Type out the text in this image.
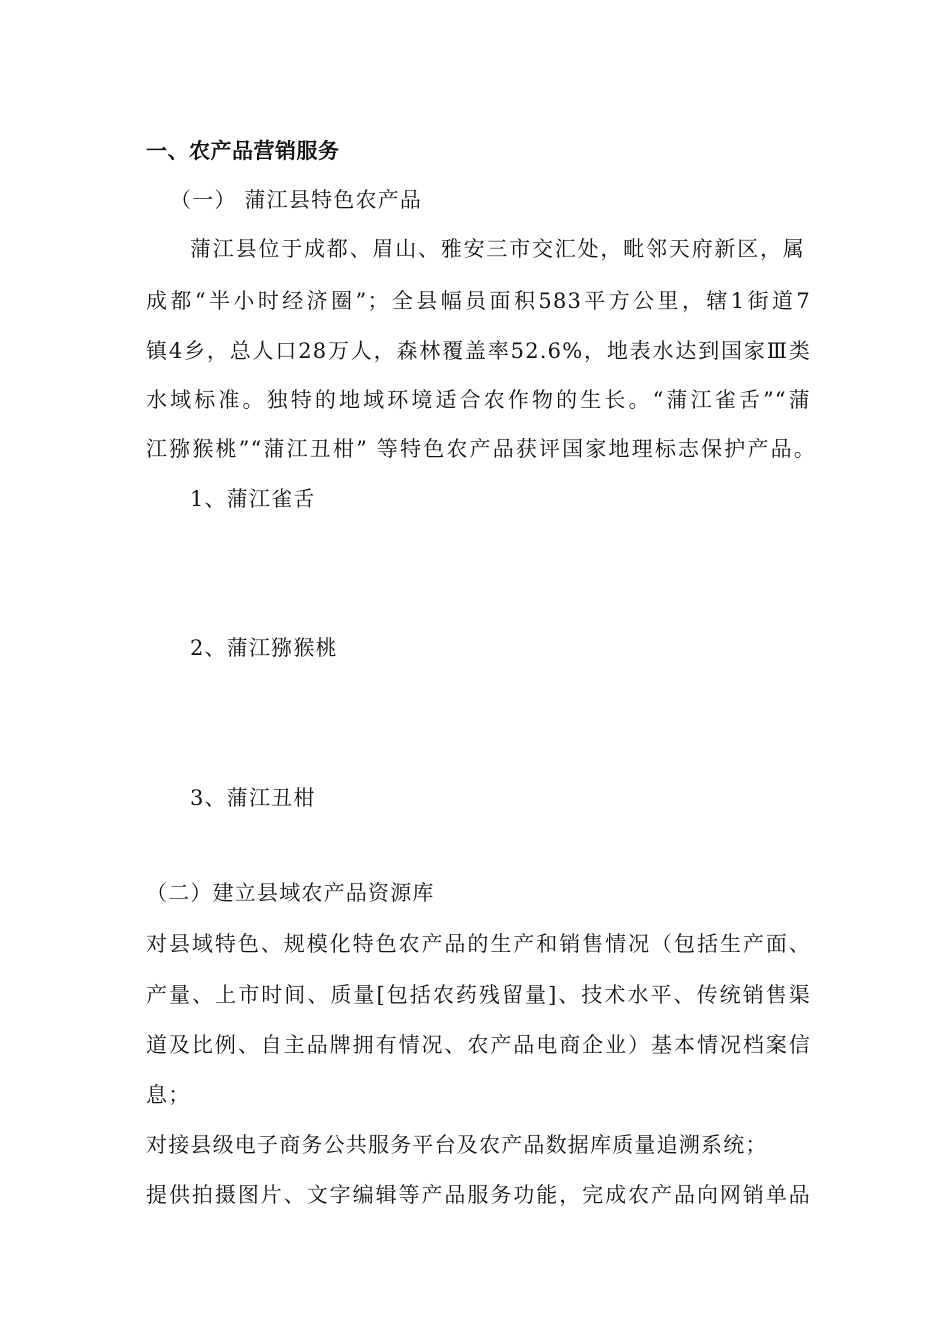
一、农产品营销服务
（一） 蒲江县特色农产品
蒲江县位于成都、眉山、雅安三市交汇处，毗邻天府新区，属
成都“半小时经济圈”；全县幅员面积583平方公里，辖1街道7
镇4乡，总人口28万人，森林覆盖率52.6%，地表水达到国家Ⅲ类
水域标准。独特的地域环境适合农作物的生长。“蒲江雀舌”“蒲
江猕猴桃”“蒲江丑柑” 等特色农产品获评国家地理标志保护产品。
1、蒲江雀舌
2、蒲江猕猴桃
3、蒲江丑柑
（二）建立县域农产品资源库
对县域特色、规模化特色农产品的生产和销售情况（包括生产面、
产量、上市时间、质量[包括农药残留量]、技术水平、传统销售渠
道及比例、自主品牌拥有情况、农产品电商企业）基本情况档案信
息；
对接县级电子商务公共服务平台及农产品数据库质量追溯系统；
提供拍摄图片、文字编辑等产品服务功能，完成农产品向网销单品
